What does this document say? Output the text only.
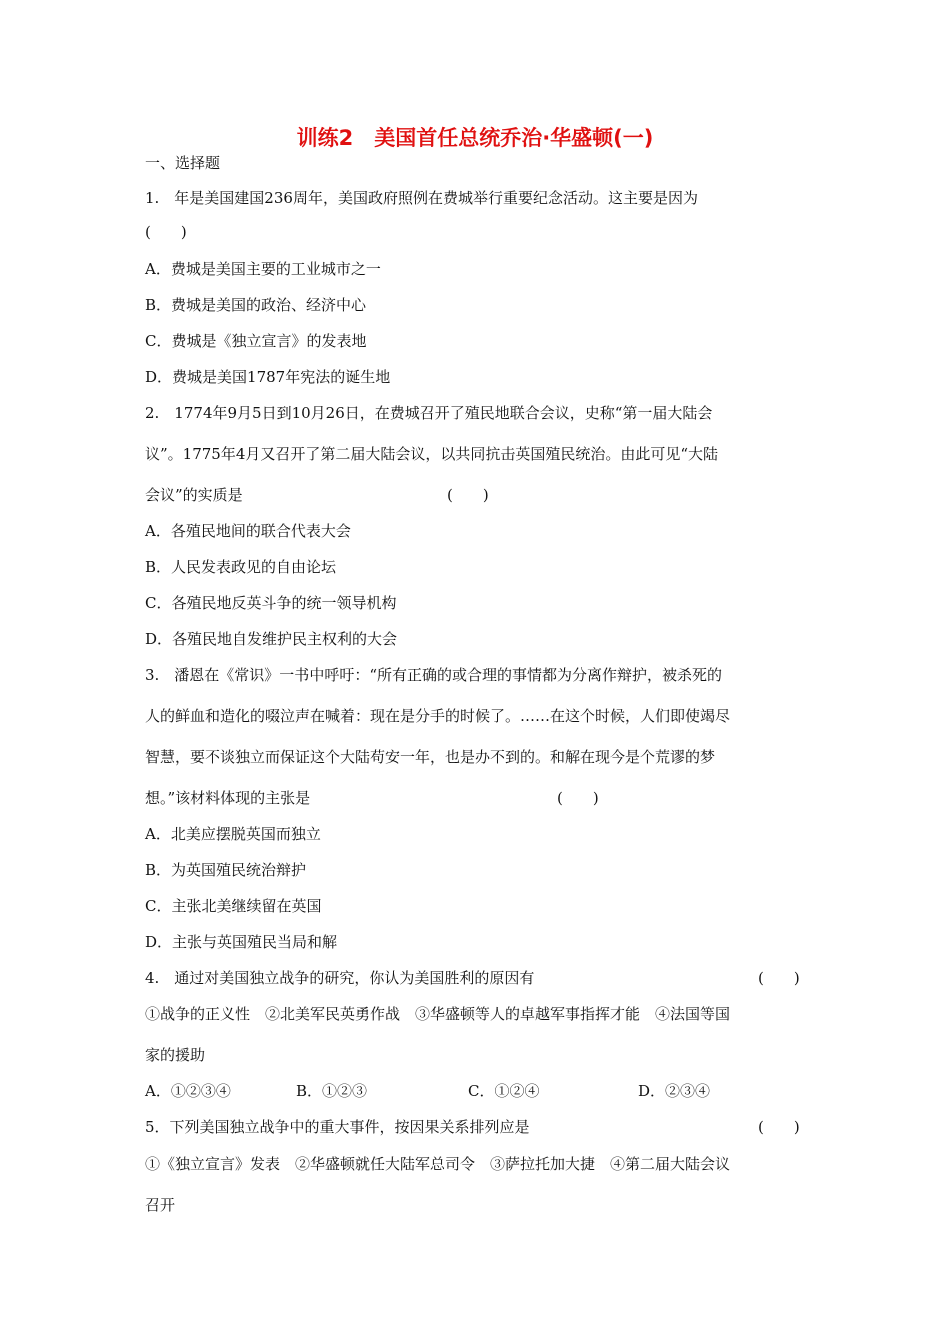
训练2　美国首任总统乔治·华盛顿(一)
一、选择题
1.　年是美国建国236周年，美国政府照例在费城举行重要纪念活动。这主要是因为
(　　)
A．费城是美国主要的工业城市之一
B．费城是美国的政治、经济中心
C．费城是《独立宣言》的发表地
D．费城是美国1787年宪法的诞生地
2.　1774年9月5日到10月26日，在费城召开了殖民地联合会议，史称“第一届大陆会
议”。1775年4月又召开了第二届大陆会议，以共同抗击英国殖民统治。由此可见“大陆
会议”的实质是	(　　)
A．各殖民地间的联合代表大会
B．人民发表政见的自由论坛
C．各殖民地反英斗争的统一领导机构
D．各殖民地自发维护民主权利的大会
3.　潘恩在《常识》一书中呼吁：“所有正确的或合理的事情都为分离作辩护，被杀死的
人的鲜血和造化的啜泣声在喊着：现在是分手的时候了。……在这个时候，人们即使竭尽
智慧，要不谈独立而保证这个大陆苟安一年，也是办不到的。和解在现今是个荒谬的梦
想。”该材料体现的主张是	(　　)
A．北美应摆脱英国而独立
B．为英国殖民统治辩护
C．主张北美继续留在英国
D．主张与英国殖民当局和解
4.　通过对美国独立战争的研究，你认为美国胜利的原因有	(　　)
①战争的正义性　②北美军民英勇作战　③华盛顿等人的卓越军事指挥才能　④法国等国
家的援助
A．①②③④	B．①②③	C．①②④	D．②③④
5．下列美国独立战争中的重大事件，按因果关系排列应是	(　　)
①《独立宣言》发表　②华盛顿就任大陆军总司令　③萨拉托加大捷　④第二届大陆会议
召开
